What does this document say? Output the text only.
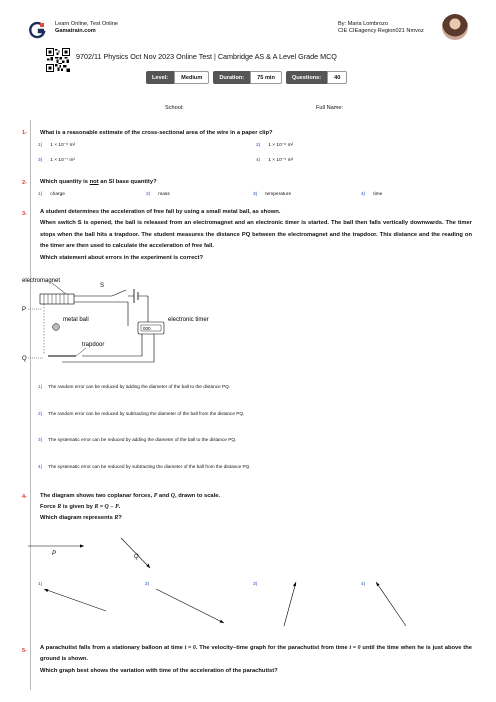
Learn Online, Test Online
Gamatrain.com
By: Maria Lombrozo
CIE CIEagency Region021 Nmvoz
9702/11 Physics Oct Nov 2023 Online Test | Cambridge AS & A Level Grade MCQ
Level:	Medium	Duration:	75 min	Questions:	40
School:	Full Name:
1- What is a reasonable estimate of the cross-sectional area of the wire in a paper clip?
1) 1 × 10⁻⁶ m²	2) 1 × 10⁻⁸ m²
3) 1 × 10⁻⁷ m²	4) 1 × 10⁻⁵ m²
2- Which quantity is not an SI base quantity?
1) charge	2) mass	3) temperature	4) time
3- A student determines the acceleration of free fall by using a small metal ball, as shown.
When switch S is opened, the ball is released from an electromagnet and an electronic timer is started. The ball then falls vertically downwards. The timer stops when the ball hits a trapdoor. The student measures the distance PQ between the electromagnet and the trapdoor. This distance and the reading on the timer are then used to calculate the acceleration of free fall.
Which statement about errors in the experiment is correct?
electromagnet
S
P
metal ball
000
electronic timer
trapdoor
Q
1) The random error can be reduced by adding the diameter of the ball to the distance PQ.
2) The random error can be reduced by subtracting the diameter of the ball from the distance PQ.
3) The systematic error can be reduced by adding the diameter of the ball to the distance PQ.
4) The systematic error can be reduced by subtracting the diameter of the ball from the distance PQ.
4- The diagram shows two coplanar forces, P and Q, drawn to scale.
Force R is given by R = Q − P.
Which diagram represents R?
P	Q
1)	2)	3)	4)
5- A parachutist falls from a stationary balloon at time t = 0. The velocity–time graph for the parachutist from time t = 0 until the time when he is just above the ground is shown.
Which graph best shows the variation with time of the acceleration of the parachutist?
